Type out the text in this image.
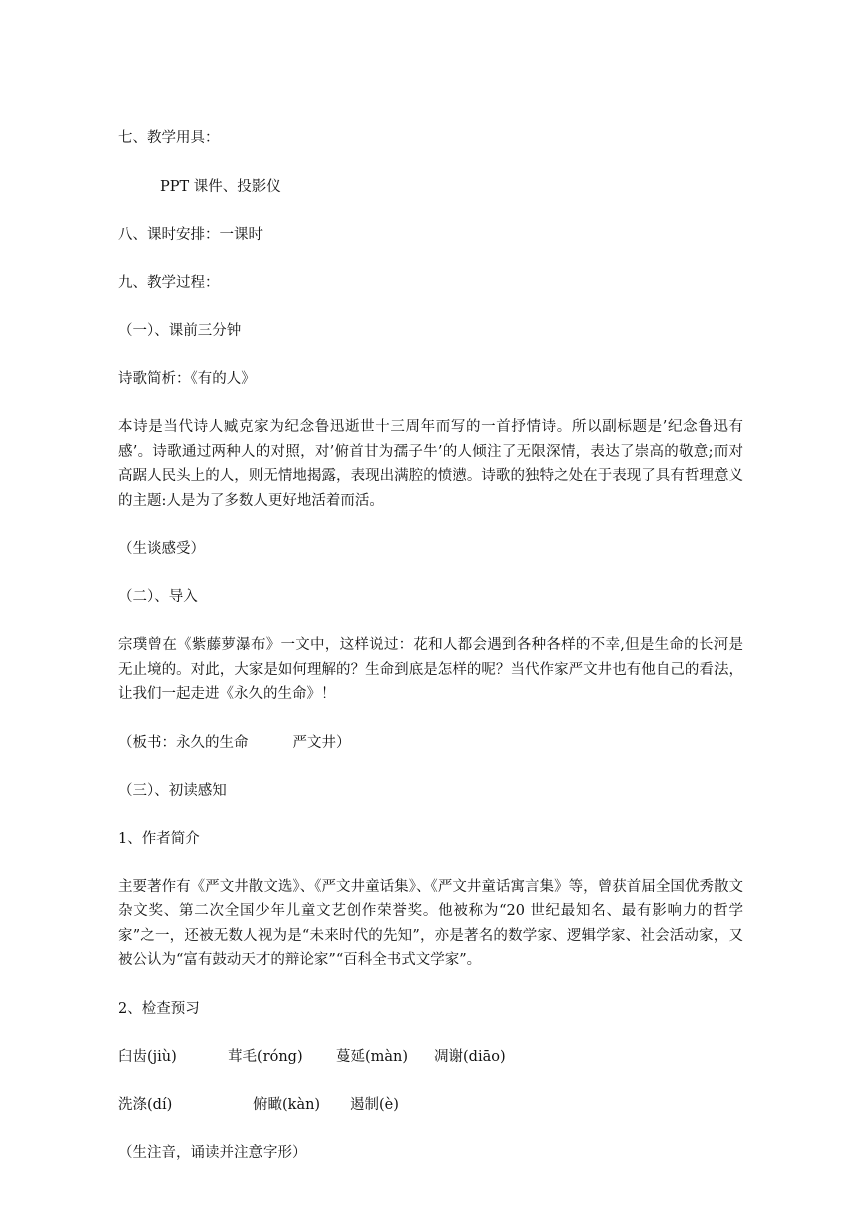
七、教学用具：

PPT 课件、投影仪

八、课时安排：一课时

九、教学过程：

（一）、课前三分钟

诗歌简析：《有的人》

本诗是当代诗人臧克家为纪念鲁迅逝世十三周年而写的一首抒情诗。所以副标题是’纪念鲁迅有感’。诗歌通过两种人的对照，对’俯首甘为孺子牛’的人倾注了无限深情，表达了崇高的敬意;而对高踞人民头上的人，则无情地揭露，表现出满腔的愤懑。诗歌的独特之处在于表现了具有哲理意义的主题:人是为了多数人更好地活着而活。

（生谈感受）

（二）、导入

宗璞曾在《紫藤萝瀑布》一文中，这样说过：花和人都会遇到各种各样的不幸,但是生命的长河是无止境的。对此，大家是如何理解的？生命到底是怎样的呢？当代作家严文井也有他自己的看法，让我们一起走进《永久的生命》！

（板书：永久的生命	严文井）

（三）、初读感知

1、作者简介

主要著作有《严文井散文选》、《严文井童话集》、《严文井童话寓言集》等，曾获首届全国优秀散文杂文奖、第二次全国少年儿童文艺创作荣誉奖。他被称为“20 世纪最知名、最有影响力的哲学家”之一，还被无数人视为是“未来时代的先知”，亦是著名的数学家、逻辑学家、社会活动家，又被公认为“富有鼓动天才的辩论家”“百科全书式文学家”。

2、检查预习

臼齿(jiù)	茸毛(róng)	蔓延(màn)	凋谢(diāo)
洗涤(dí)	俯瞰(kàn)	遏制(è)

（生注音，诵读并注意字形）
